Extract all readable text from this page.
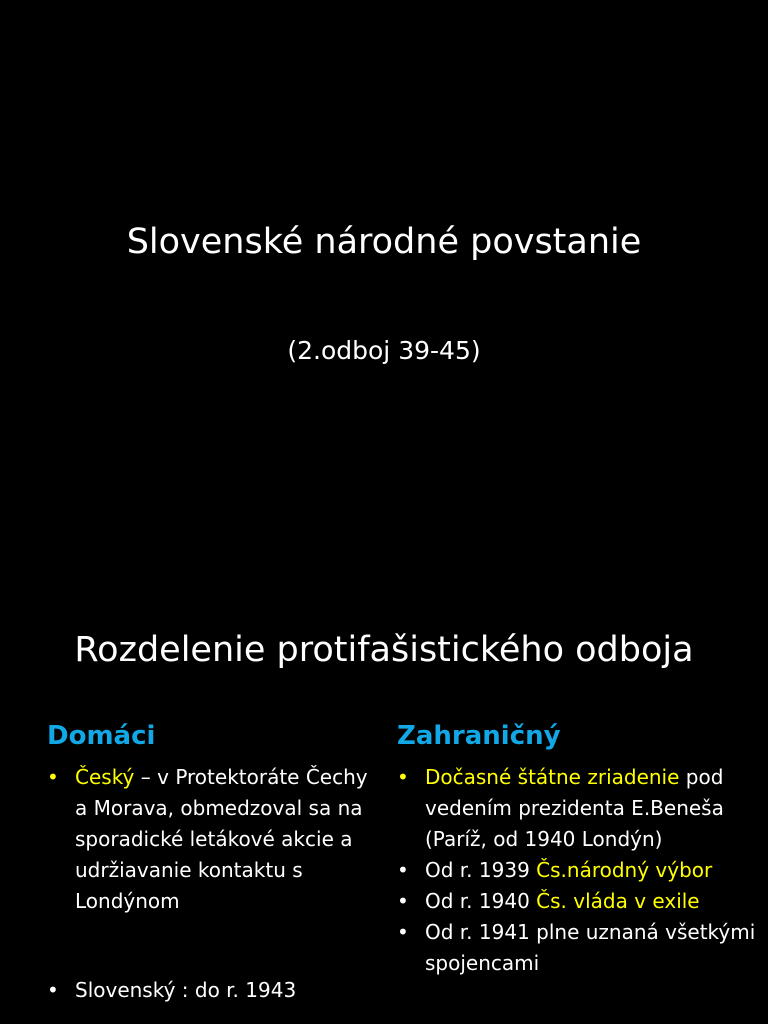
Slovenské národné povstanie
(2.odboj 39-45)
Rozdelenie protifašistického odboja
Domáci
• Český – v Protektoráte Čechy a Morava, obmedzoval sa na sporadické letákové akcie a udržiavanie kontaktu s Londýnom
• Slovenský : do r. 1943
Zahraničný
• Dočasné štátne zriadenie pod vedením prezidenta E.Beneša (Paríž, od 1940 Londýn)
• Od r. 1939 Čs.národný výbor
• Od r. 1940 Čs. vláda v exile
• Od r. 1941 plne uznaná všetkými spojencami
